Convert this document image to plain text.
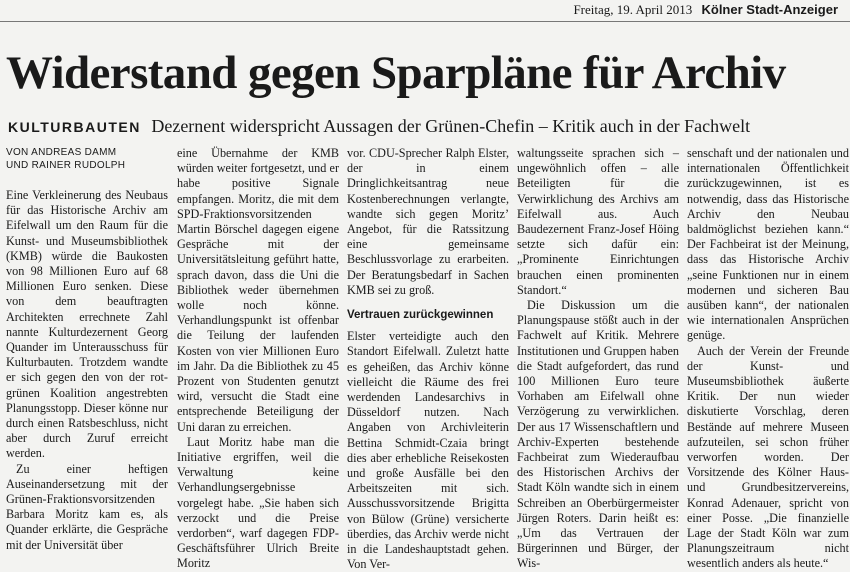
Freitag, 19. April 2013 Kölner Stadt-Anzeiger
Widerstand gegen Sparpläne für Archiv
KULTURBAUTEN Dezernent widerspricht Aussagen der Grünen-Chefin – Kritik auch in der Fachwelt
VON ANDREAS DAMM
UND RAINER RUDOLPH

Eine Verkleinerung des Neubaus für das Historische Archiv am Eifelwall um den Raum für die Kunst- und Museumsbibliothek (KMB) würde die Baukosten von 98 Millionen Euro auf 68 Millionen Euro senken. Diese von dem beauftragten Architekten errechnete Zahl nannte Kulturdezernent Georg Quander im Unterausschuss für Kulturbauten. Trotzdem wandte er sich gegen den von der rot-grünen Koalition angestrebten Planungsstopp. Dieser könne nur durch einen Ratsbeschluss, nicht aber durch Zuruf erreicht werden.

Zu einer heftigen Auseinandersetzung mit der Grünen-Fraktionsvorsitzenden Barbara Moritz kam es, als Quander erklärte, die Gespräche mit der Universität über

eine Übernahme der KMB würden weiter fortgesetzt, und er habe positive Signale empfangen. Moritz, die mit dem SPD-Fraktionsvorsitzenden Martin Börschel dagegen eigene Gespräche mit der Universitätsleitung geführt hatte, sprach davon, dass die Uni die Bibliothek weder übernehmen wolle noch könne. Verhandlungspunkt ist offenbar die Teilung der laufenden Kosten von vier Millionen Euro im Jahr. Da die Bibliothek zu 45 Prozent von Studenten genutzt wird, versucht die Stadt eine entsprechende Beteiligung der Uni daran zu erreichen.

Laut Moritz habe man die Initiative ergriffen, weil die Verwaltung keine Verhandlungsergebnisse vorgelegt habe. „Sie haben sich verzockt und die Preise verdorben“, warf dagegen FDP-Geschäftsführer Ulrich Breite Moritz

vor. CDU-Sprecher Ralph Elster, der in einem Dringlichkeitsantrag neue Kostenberechnungen verlangte, wandte sich gegen Moritz’ Angebot, für die Ratssitzung eine gemeinsame Beschlussvorlage zu erarbeiten. Der Beratungsbedarf in Sachen KMB sei zu groß.

Vertrauen zurückgewinnen

Elster verteidigte auch den Standort Eifelwall. Zuletzt hatte es geheißen, das Archiv könne vielleicht die Räume des frei werdenden Landesarchivs in Düsseldorf nutzen. Nach Angaben von Archivleiterin Bettina Schmidt-Czaia bringt dies aber erhebliche Reisekosten und große Ausfälle bei den Arbeitszeiten mit sich. Ausschussvorsitzende Brigitta von Bülow (Grüne) versicherte überdies, das Archiv werde nicht in die Landeshauptstadt gehen. Von Ver-

waltungsseite sprachen sich – ungewöhnlich offen – alle Beteiligten für die Verwirklichung des Archivs am Eifelwall aus. Auch Baudezernent Franz-Josef Höing setzte sich dafür ein: „Prominente Einrichtungen brauchen einen prominenten Standort.“

Die Diskussion um die Planungspause stößt auch in der Fachwelt auf Kritik. Mehrere Institutionen und Gruppen haben die Stadt aufgefordert, das rund 100 Millionen Euro teure Vorhaben am Eifelwall ohne Verzögerung zu verwirklichen. Der aus 17 Wissenschaftlern und Archiv-Experten bestehende Fachbeirat zum Wiederaufbau des Historischen Archivs der Stadt Köln wandte sich in einem Schreiben an Oberbürgermeister Jürgen Roters. Darin heißt es: „Um das Vertrauen der Bürgerinnen und Bürger, der Wis-

senschaft und der nationalen und internationalen Öffentlichkeit zurückzugewinnen, ist es notwendig, dass das Historische Archiv den Neubau baldmöglichst beziehen kann.“ Der Fachbeirat ist der Meinung, dass das Historische Archiv „seine Funktionen nur in einem modernen und sicheren Bau ausüben kann“, der nationalen wie internationalen Ansprüchen genüge.

Auch der Verein der Freunde der Kunst- und Museumsbibliothek äußerte Kritik. Der nun wieder diskutierte Vorschlag, deren Bestände auf mehrere Museen aufzuteilen, sei schon früher verworfen worden. Der Vorsitzende des Kölner Haus- und Grundbesitzervereins, Konrad Adenauer, spricht von einer Posse. „Die finanzielle Lage der Stadt Köln war zum Planungszeitraum nicht wesentlich anders als heute.“
